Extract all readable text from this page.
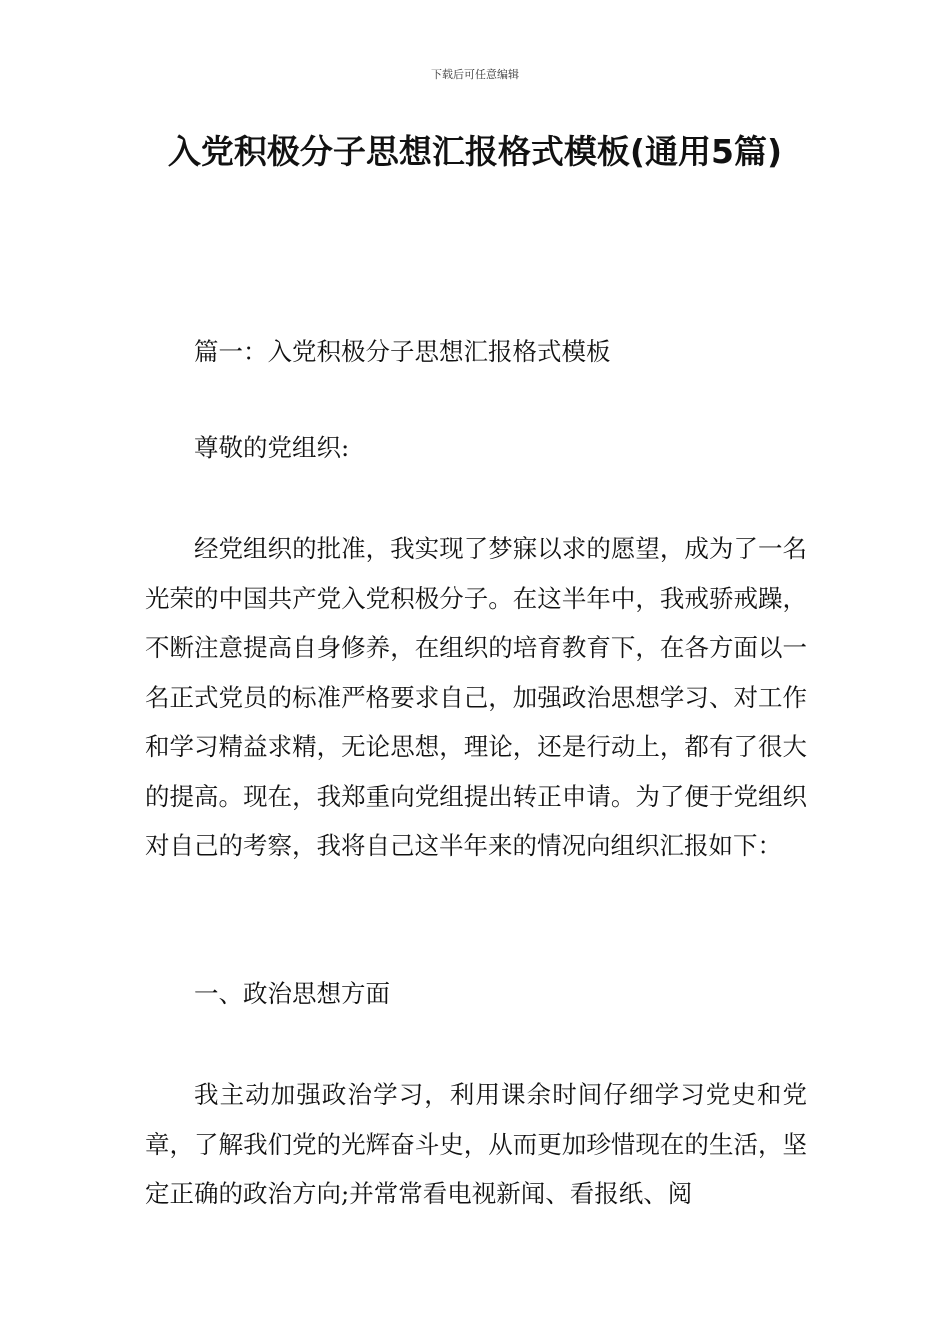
下载后可任意编辑
入党积极分子思想汇报格式模板(通用5篇)

篇一：入党积极分子思想汇报格式模板

尊敬的党组织:

经党组织的批准，我实现了梦寐以求的愿望，成为了一名光荣的中国共产党入党积极分子。在这半年中，我戒骄戒躁，不断注意提高自身修养，在组织的培育教育下，在各方面以一名正式党员的标准严格要求自己，加强政治思想学习、对工作和学习精益求精，无论思想，理论，还是行动上，都有了很大的提高。现在，我郑重向党组提出转正申请。为了便于党组织对自己的考察，我将自己这半年来的情况向组织汇报如下：

一、政治思想方面

我主动加强政治学习，利用课余时间仔细学习党史和党章，了解我们党的光辉奋斗史，从而更加珍惜现在的生活，坚定正确的政治方向;并常常看电视新闻、看报纸、阅
